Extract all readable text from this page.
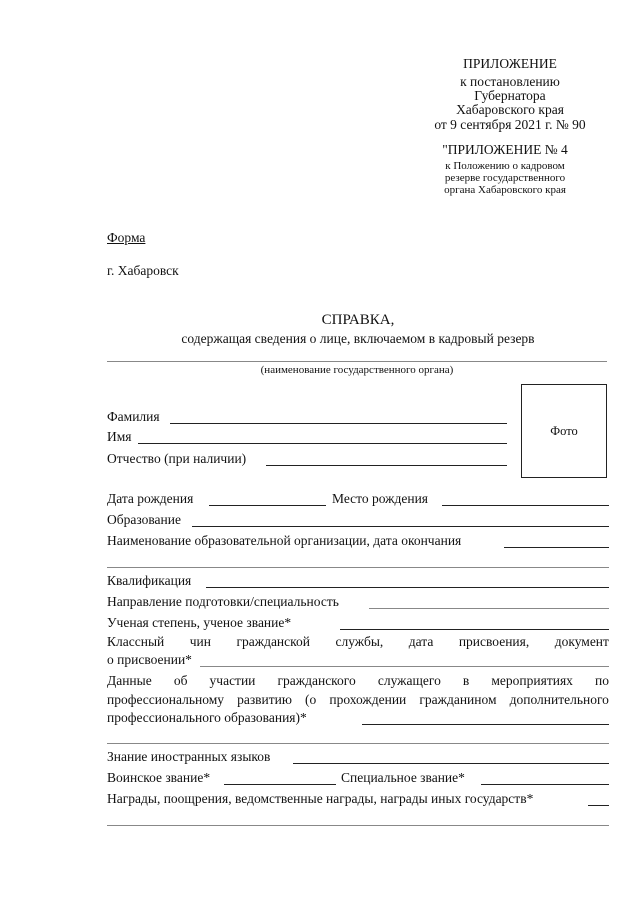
ПРИЛОЖЕНИЕ
к постановлению
Губернатора
Хабаровского края
от 9 сентября 2021 г. № 90
"ПРИЛОЖЕНИЕ № 4
к Положению о кадровом
резерве государственного
органа Хабаровского края
Форма
г. Хабаровск
СПРАВКА,
содержащая сведения о лице, включаемом в кадровый резерв
(наименование государственного органа)
Фото
Фамилия
Имя
Отчество (при наличии)
Дата рождения	Место рождения
Образование
Наименование образовательной организации, дата окончания
Квалификация
Направление подготовки/специальность
Ученая степень, ученое звание*
Классный чин гражданской службы, дата присвоения, документ
о присвоении*
Данные об участии гражданского служащего в мероприятиях по
профессиональному развитию (о прохождении гражданином дополнительного
профессионального образования)*
Знание иностранных языков
Воинское звание*	Специальное звание*
Награды, поощрения, ведомственные награды, награды иных государств*
